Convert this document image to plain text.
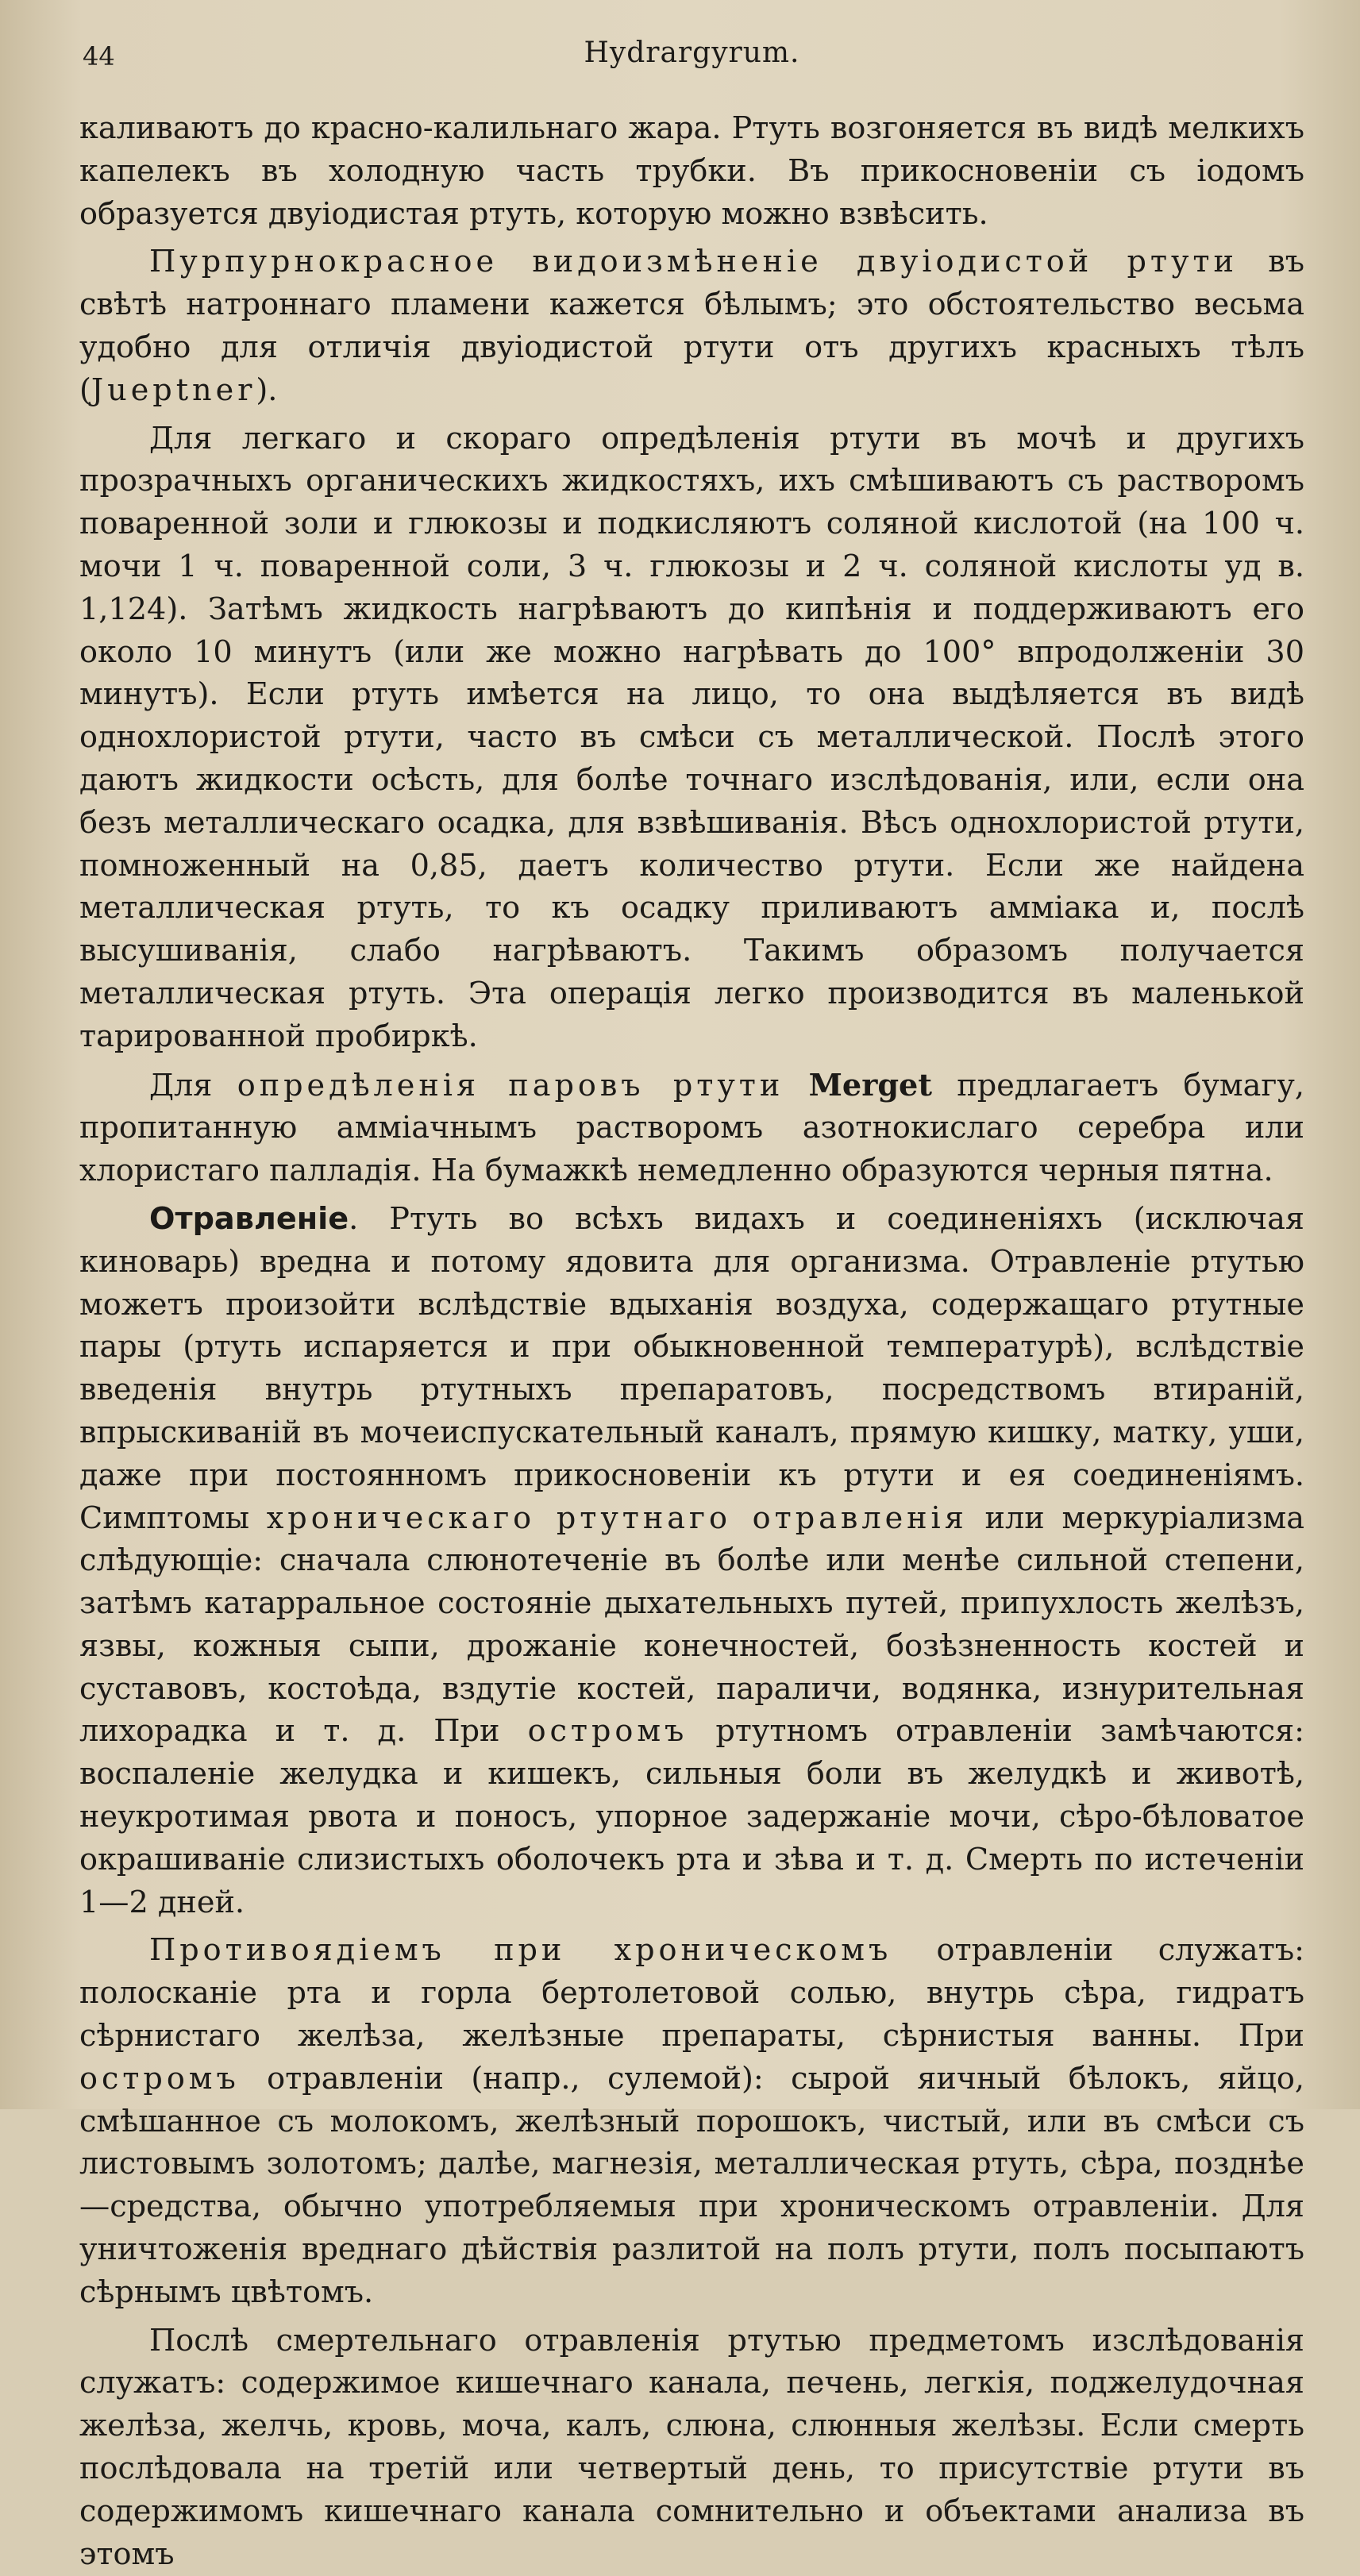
44	Hydrargyrum.

каливаютъ до красно-калильнаго жара. Ртуть возгоняется въ видѣ мелкихъ капелекъ въ холодную часть трубки. Въ прикосновеніи съ іодомъ образуется двуіодистая ртуть, которую можно взвѣсить.

Пурпурнокрасное видоизмѣненіе двуіодистой ртути въ свѣтѣ натроннаго пламени кажется бѣлымъ; это обстоятельство весьма удобно для отличія двуіодистой ртути отъ другихъ красныхъ тѣлъ (Jueptner).

Для легкаго и скораго опредѣленія ртути въ мочѣ и другихъ прозрачныхъ органическихъ жидкостяхъ, ихъ смѣшиваютъ съ растворомъ поваренной золи и глюкозы и подкисляютъ соляной кислотой (на 100 ч. мочи 1 ч. поваренной соли, 3 ч. глюкозы и 2 ч. соляной кислоты уд в. 1,124). Затѣмъ жидкость нагрѣваютъ до кипѣнія и поддерживаютъ его около 10 минутъ (или же можно нагрѣвать до 100° впродолженіи 30 минутъ). Если ртуть имѣется на лицо, то она выдѣляется въ видѣ однохлористой ртути, часто въ смѣси съ металлической. Послѣ этого даютъ жидкости осѣсть, для болѣе точнаго изслѣдованія, или, если она безъ металлическаго осадка, для взвѣшиванія. Вѣсъ однохлористой ртути, помноженный на 0,85, даетъ количество ртути. Если же найдена металлическая ртуть, то къ осадку приливаютъ амміака и, послѣ высушиванія, слабо нагрѣваютъ. Такимъ образомъ получается металлическая ртуть. Эта операція легко производится въ маленькой тарированной пробиркѣ.

Для опредѣленія паровъ ртути Merget предлагаетъ бумагу, пропитанную амміачнымъ растворомъ азотнокислаго серебра или хлористаго палладія. На бумажкѣ немедленно образуются черныя пятна.

Отравленіе. Ртуть во всѣхъ видахъ и соединеніяхъ (исключая киноварь) вредна и потому ядовита для организма. Отравленіе ртутью можетъ произойти вслѣдствіе вдыханія воздуха, содержащаго ртутные пары (ртуть испаряется и при обыкновенной температурѣ), вслѣдствіе введенія внутрь ртутныхъ препаратовъ, посредствомъ втираній, впрыскиваній въ мочеиспускательный каналъ, прямую кишку, матку, уши, даже при постоянномъ прикосновеніи къ ртути и ея соединеніямъ. Симптомы хроническаго ртутнаго отравленія или меркуріализма слѣдующіе: сначала слюнотеченіе въ болѣе или менѣе сильной степени, затѣмъ катарральное состояніе дыхательныхъ путей, припухлость желѣзъ, язвы, кожныя сыпи, дрожаніе конечностей, бозѣзненность костей и суставовъ, костоѣда, вздутіе костей, параличи, водянка, изнурительная лихорадка и т. д. При остромъ ртутномъ отравленіи замѣчаются: воспаленіе желудка и кишекъ, сильныя боли въ желудкѣ и животѣ, неукротимая рвота и поносъ, упорное задержаніе мочи, сѣро-бѣловатое окрашиваніе слизистыхъ оболочекъ рта и зѣва и т. д. Смерть по истеченіи 1—2 дней.

Противоядіемъ при хроническомъ отравленіи служатъ: полосканіе рта и горла бертолетовой солью, внутрь сѣра, гидратъ сѣрнистаго желѣза, желѣзные препараты, сѣрнистыя ванны. При остромъ отравленіи (напр., сулемой): сырой яичный бѣлокъ, яйцо, смѣшанное съ молокомъ, желѣзный порошокъ, чистый, или въ смѣси съ листовымъ золотомъ; далѣе, магнезія, металлическая ртуть, сѣра, позднѣе—средства, обычно употребляемыя при хроническомъ отравленіи. Для уничтоженія вреднаго дѣйствія разлитой на полъ ртути, полъ посыпаютъ сѣрнымъ цвѣтомъ.

Послѣ смертельнаго отравленія ртутью предметомъ изслѣдованія служатъ: содержимое кишечнаго канала, печень, легкія, поджелудочная желѣза, желчь, кровь, моча, калъ, слюна, слюнныя желѣзы. Если смерть послѣдовала на третій или четвертый день, то присутствіе ртути въ содержимомъ кишечнаго канала сомнительно и объектами анализа въ этомъ
